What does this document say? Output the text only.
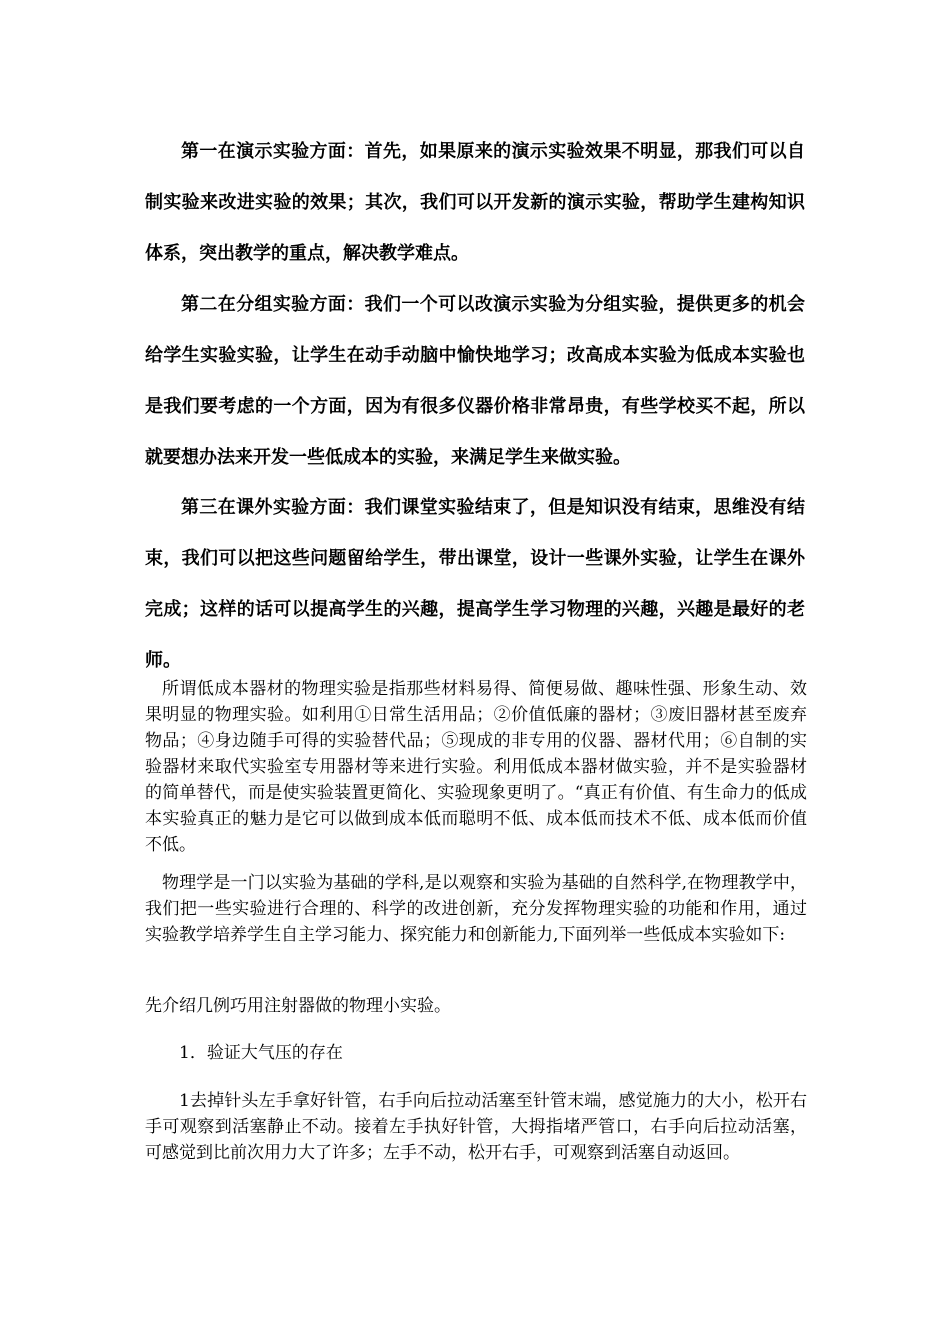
第一在演示实验方面：首先，如果原来的演示实验效果不明显，那我们可以自制实验来改进实验的效果；其次，我们可以开发新的演示实验，帮助学生建构知识体系，突出教学的重点，解决教学难点。

第二在分组实验方面：我们一个可以改演示实验为分组实验，提供更多的机会给学生实验实验，让学生在动手动脑中愉快地学习；改高成本实验为低成本实验也是我们要考虑的一个方面，因为有很多仪器价格非常昂贵，有些学校买不起，所以就要想办法来开发一些低成本的实验，来满足学生来做实验。

第三在课外实验方面：我们课堂实验结束了，但是知识没有结束，思维没有结束，我们可以把这些问题留给学生，带出课堂，设计一些课外实验，让学生在课外完成；这样的话可以提高学生的兴趣，提高学生学习物理的兴趣，兴趣是最好的老师。

所谓低成本器材的物理实验是指那些材料易得、简便易做、趣味性强、形象生动、效果明显的物理实验。如利用①日常生活用品；②价值低廉的器材；③废旧器材甚至废弃物品；④身边随手可得的实验替代品；⑤现成的非专用的仪器、器材代用；⑥自制的实验器材来取代实验室专用器材等来进行实验。利用低成本器材做实验，并不是实验器材的简单替代，而是使实验装置更简化、实验现象更明了。“真正有价值、有生命力的低成本实验真正的魅力是它可以做到成本低而聪明不低、成本低而技术不低、成本低而价值不低。

物理学是一门以实验为基础的学科,是以观察和实验为基础的自然科学,在物理教学中，我们把一些实验进行合理的、科学的改进创新，充分发挥物理实验的功能和作用，通过实验教学培养学生自主学习能力、探究能力和创新能力,下面列举一些低成本实验如下:

先介绍几例巧用注射器做的物理小实验。

1．验证大气压的存在

1去掉针头左手拿好针管，右手向后拉动活塞至针管末端，感觉施力的大小，松开右手可观察到活塞静止不动。接着左手执好针管，大拇指堵严管口，右手向后拉动活塞，可感觉到比前次用力大了许多；左手不动，松开右手，可观察到活塞自动返回。
